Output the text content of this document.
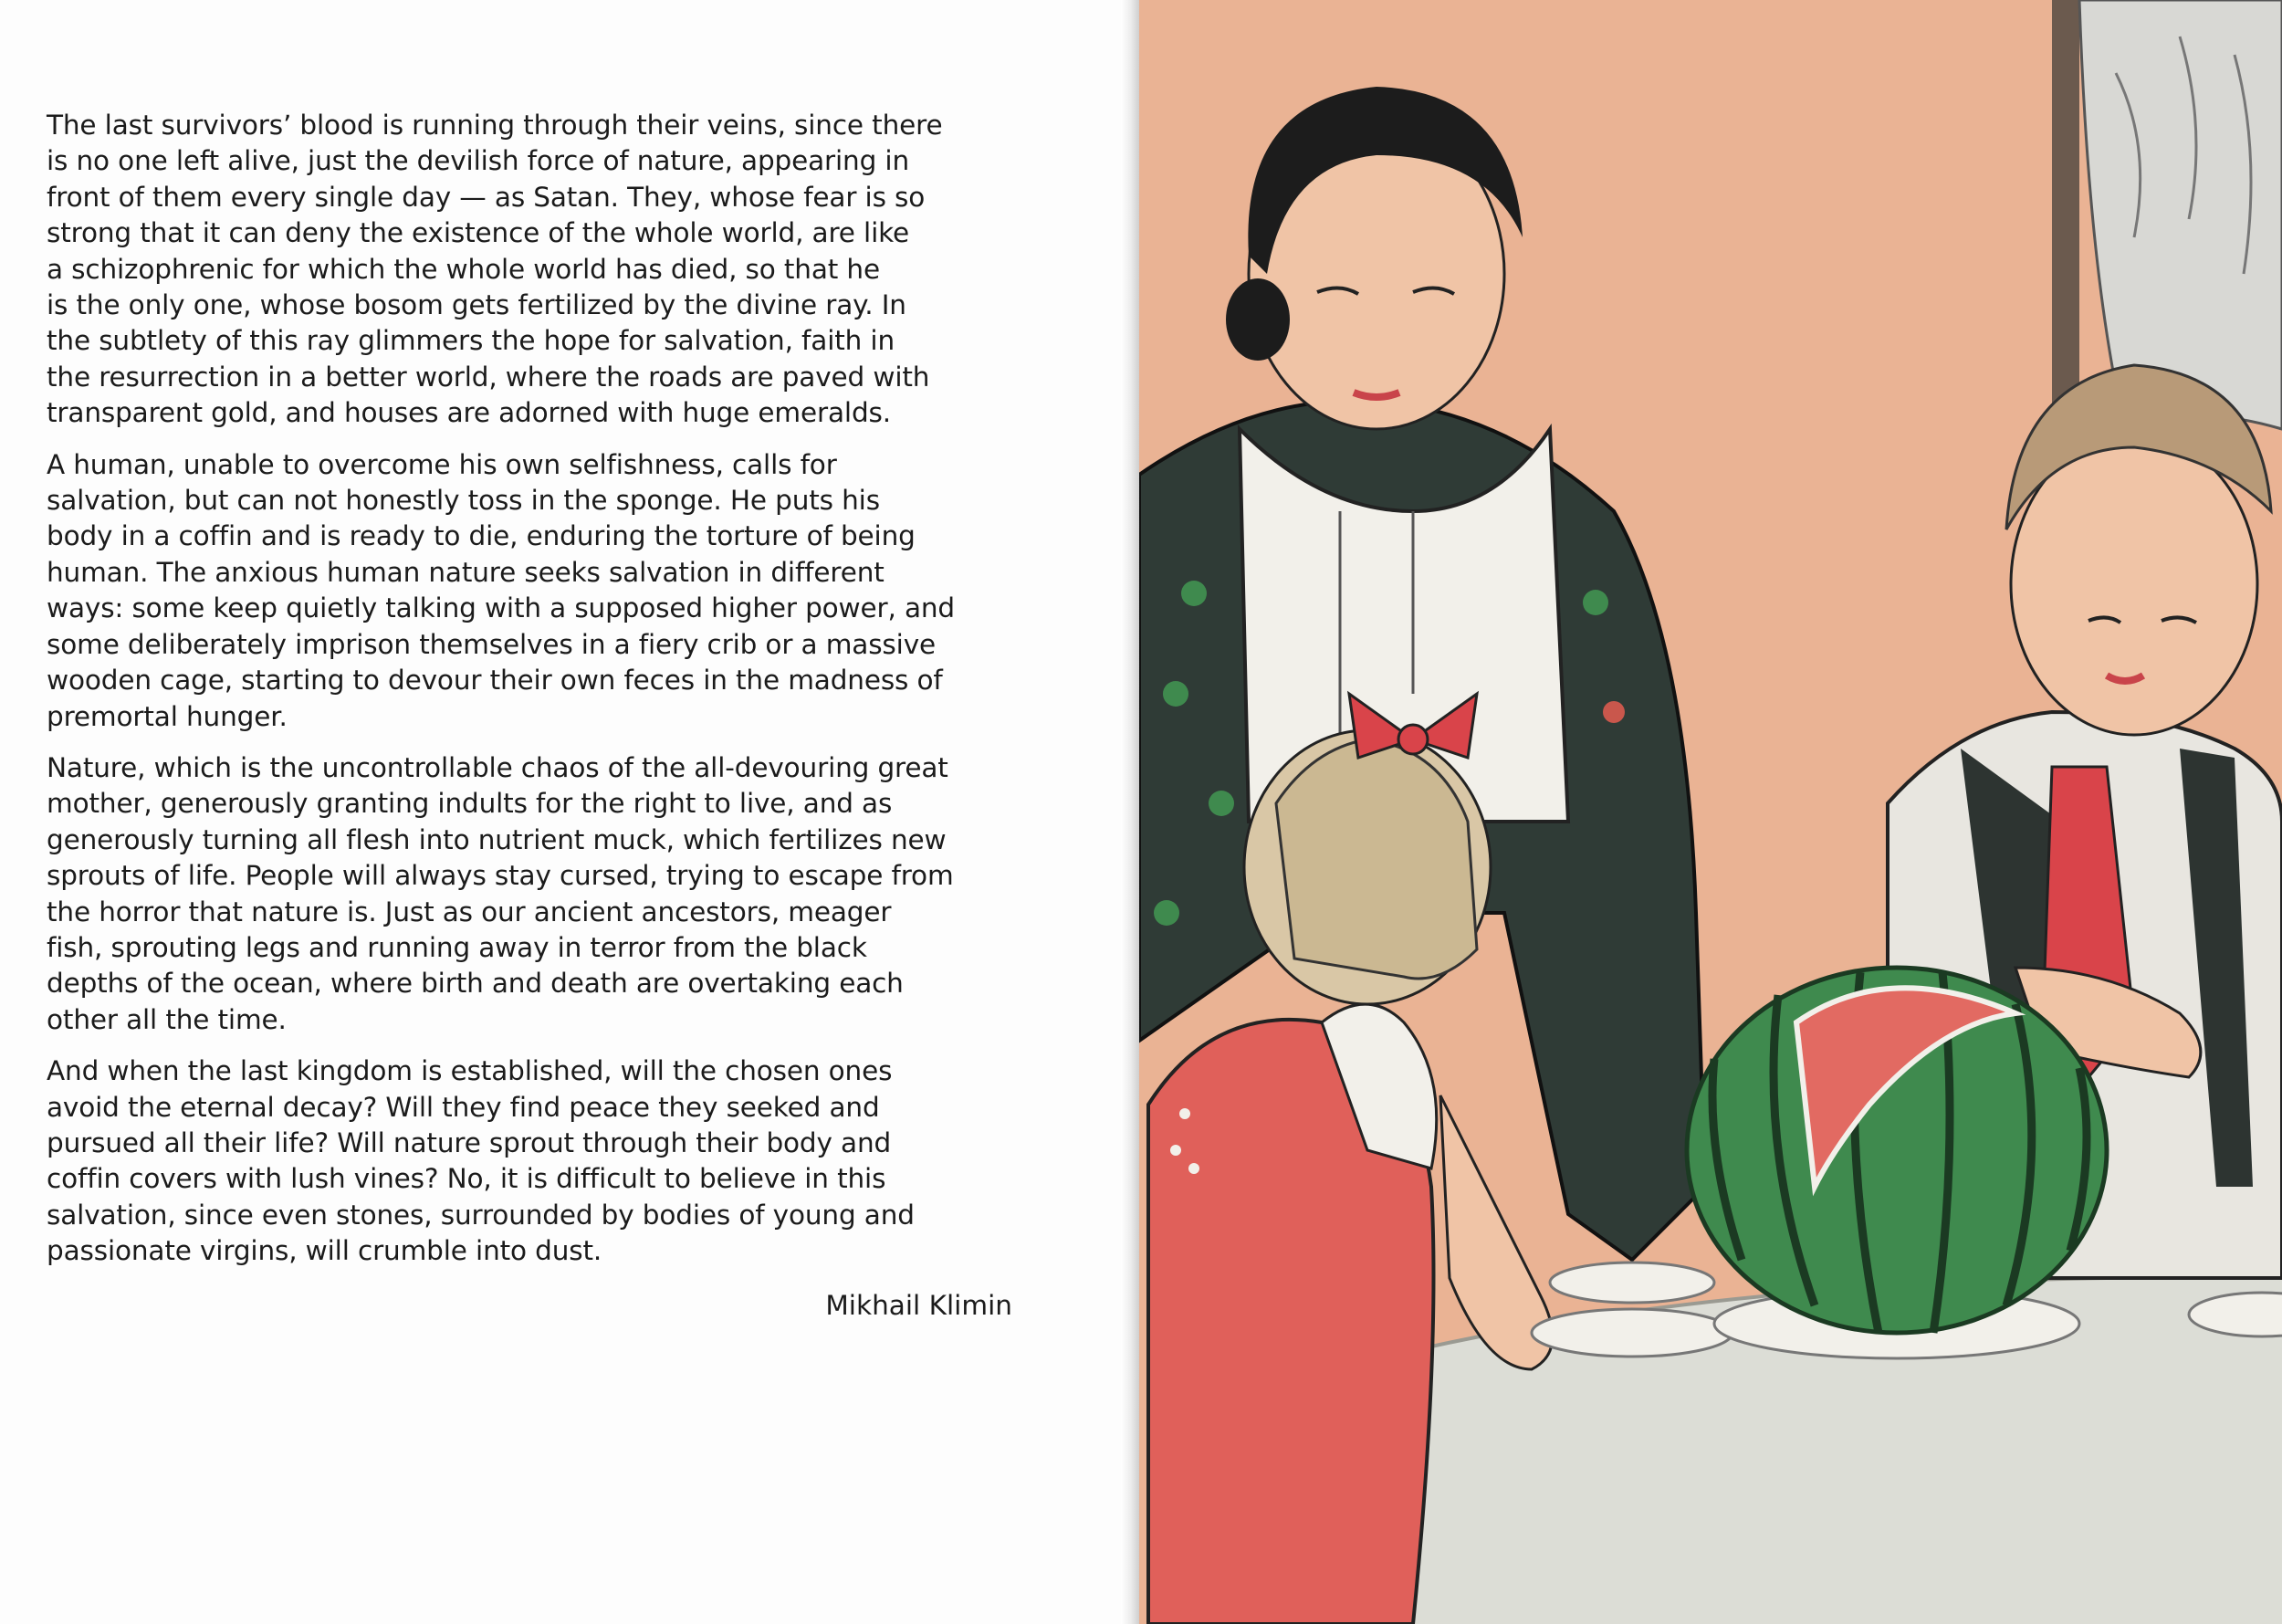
The last survivors’ blood is running through their veins, since there
is no one left alive, just the devilish force of nature, appearing in
front of them every single day — as Satan. They, whose fear is so
strong that it can deny the existence of the whole world, are like
a schizophrenic for which the whole world has died, so that he
is the only one, whose bosom gets fertilized by the divine ray. In
the subtlety of this ray glimmers the hope for salvation, faith in
the resurrection in a better world, where the roads are paved with
transparent gold, and houses are adorned with huge emeralds.

A human, unable to overcome his own selfishness, calls for
salvation, but can not honestly toss in the sponge. He puts his
body in a coffin and is ready to die, enduring the torture of being
human. The anxious human nature seeks salvation in different
ways: some keep quietly talking with a supposed higher power, and
some deliberately imprison themselves in a fiery crib or a massive
wooden cage, starting to devour their own feces in the madness of
premortal hunger.

Nature, which is the uncontrollable chaos of the all-devouring great
mother, generously granting indults for the right to live, and as
generously turning all flesh into nutrient muck, which fertilizes new
sprouts of life. People will always stay cursed, trying to escape from
the horror that nature is. Just as our ancient ancestors, meager
fish, sprouting legs and running away in terror from the black
depths of the ocean, where birth and death are overtaking each
other all the time.

And when the last kingdom is established, will the chosen ones
avoid the eternal decay? Will they find peace they seeked and
pursued all their life? Will nature sprout through their body and
coffin covers with lush vines? No, it is difficult to believe in this
salvation, since even stones, surrounded by bodies of young and
passionate virgins, will crumble into dust.

Mikhail Klimin
